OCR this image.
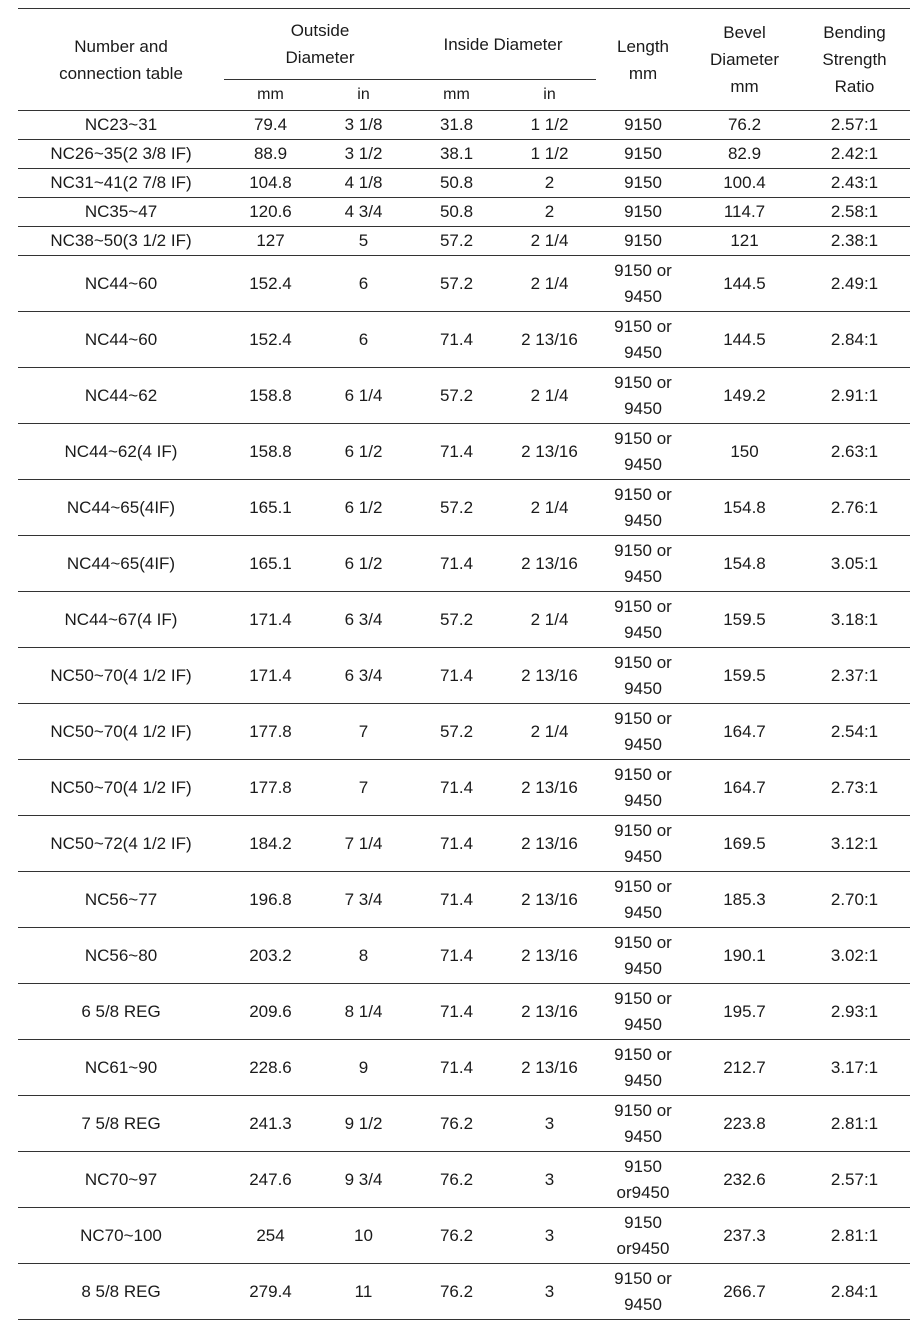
Number and connection table	Outside Diameter		Inside Diameter		Length mm	Bevel Diameter mm	Bending Strength Ratio

	mm	in	mm	in			
NC23~31	79.4	3 1/8	31.8	1 1/2	9150	76.2	2.57:1
NC26~35(2 3/8 IF)	88.9	3 1/2	38.1	1 1/2	9150	82.9	2.42:1
NC31~41(2 7/8 IF)	104.8	4 1/8	50.8	2	9150	100.4	2.43:1
NC35~47	120.6	4 3/4	50.8	2	9150	114.7	2.58:1
NC38~50(3 1/2 IF)	127	5	57.2	2 1/4	9150	121	2.38:1
NC44~60	152.4	6	57.2	2 1/4	9150 or 9450	144.5	2.49:1
NC44~60	152.4	6	71.4	2 13/16	9150 or 9450	144.5	2.84:1
NC44~62	158.8	6 1/4	57.2	2 1/4	9150 or 9450	149.2	2.91:1
NC44~62(4 IF)	158.8	6 1/2	71.4	2 13/16	9150 or 9450	150	2.63:1
NC44~65(4IF)	165.1	6 1/2	57.2	2 1/4	9150 or 9450	154.8	2.76:1
NC44~65(4IF)	165.1	6 1/2	71.4	2 13/16	9150 or 9450	154.8	3.05:1
NC44~67(4 IF)	171.4	6 3/4	57.2	2 1/4	9150 or 9450	159.5	3.18:1
NC50~70(4 1/2 IF)	171.4	6 3/4	71.4	2 13/16	9150 or 9450	159.5	2.37:1
NC50~70(4 1/2 IF)	177.8	7	57.2	2 1/4	9150 or 9450	164.7	2.54:1
NC50~70(4 1/2 IF)	177.8	7	71.4	2 13/16	9150 or 9450	164.7	2.73:1
NC50~72(4 1/2 IF)	184.2	7 1/4	71.4	2 13/16	9150 or 9450	169.5	3.12:1
NC56~77	196.8	7 3/4	71.4	2 13/16	9150 or 9450	185.3	2.70:1
NC56~80	203.2	8	71.4	2 13/16	9150 or 9450	190.1	3.02:1
6 5/8 REG	209.6	8 1/4	71.4	2 13/16	9150 or 9450	195.7	2.93:1
NC61~90	228.6	9	71.4	2 13/16	9150 or 9450	212.7	3.17:1
7 5/8 REG	241.3	9 1/2	76.2	3	9150 or 9450	223.8	2.81:1
NC70~97	247.6	9 3/4	76.2	3	9150 or9450	232.6	2.57:1
NC70~100	254	10	76.2	3	9150 or9450	237.3	2.81:1
8 5/8 REG	279.4	11	76.2	3	9150 or 9450	266.7	2.84:1
